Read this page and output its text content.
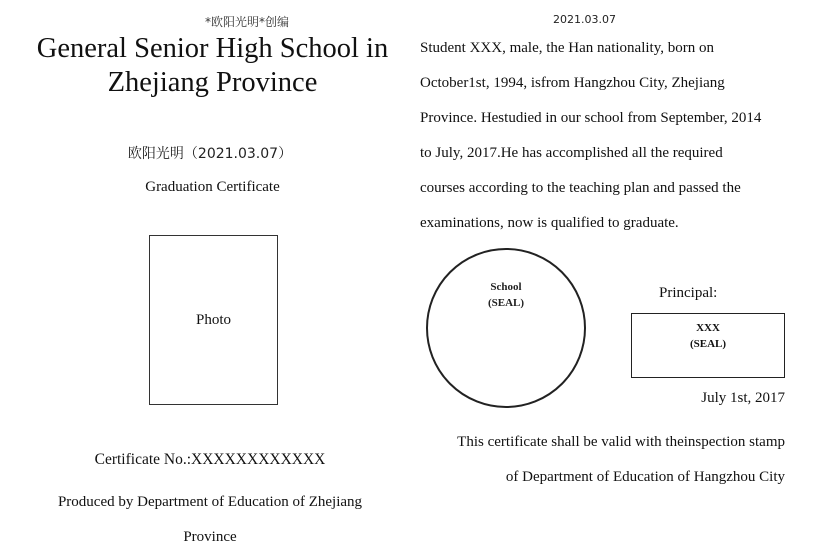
*欧阳光明*创编
General Senior High School in
Zhejiang Province
欧阳光明（2021.03.07）
Graduation Certificate
Photo
Certificate No.:XXXXXXXXXXXX
Produced by Department of Education of Zhejiang
Province
2021.03.07

Student XXX, male, the Han nationality, born on

October1st, 1994, isfrom Hangzhou City, Zhejiang

Province. Hestudied in our school from September, 2014

to July, 2017.He has accomplished all the required

courses according to the teaching plan and passed the

examinations, now is qualified to graduate.

School
(SEAL)
Principal:
XXX
(SEAL)
July 1st, 2017

This certificate shall be valid with theinspection stamp

of Department of Education of Hangzhou City
